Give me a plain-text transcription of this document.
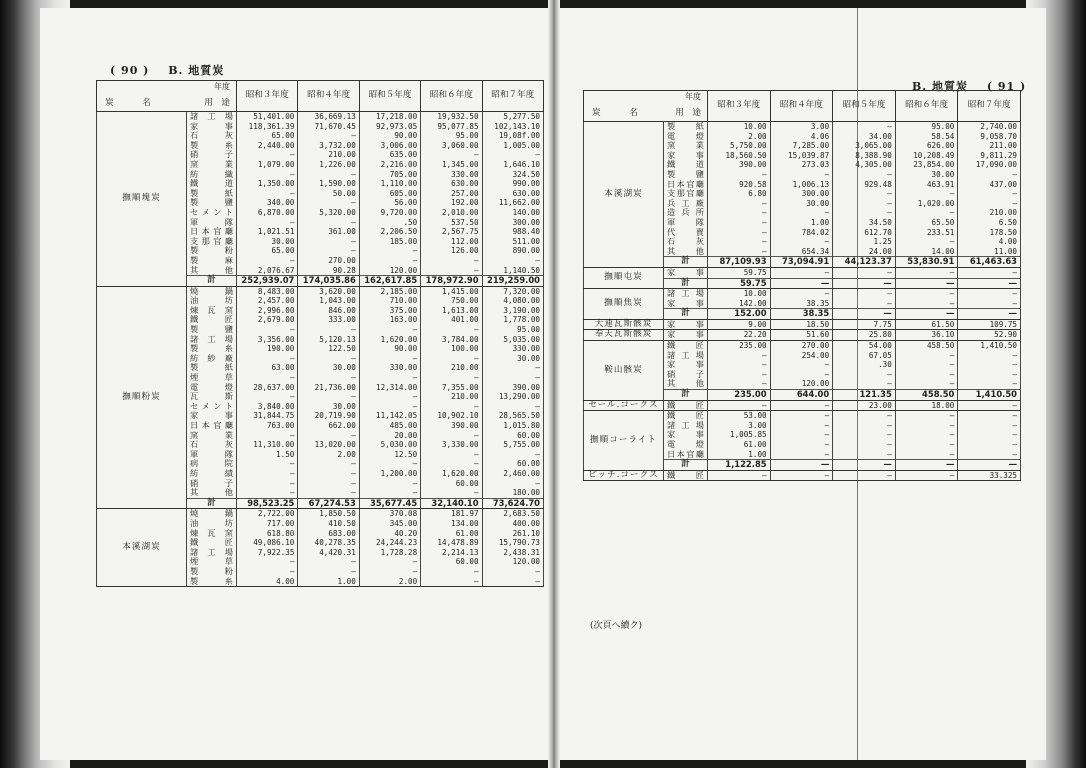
( 90 ) B. 地質炭
B. 地質炭 ( 91 )
年度
炭　名 用　途		昭和３年度	昭和４年度	昭和５年度	昭和６年度	昭和７年度
撫順塊炭	諸工場	51,401.00	36,669.13	17,218.00	19,932.50	5,277.50
	家事	118,361.39	71,670.45	92,973.05	95,077.85	102,143.10
	石灰	65.00	—	90.00	95.00	19,08f.00
	製糸	2,440.00	3,732.00	3,006.00	3,060.00	1,005.00
	硝子	—	210.00	635.00	—	—
	窯業	1,079.00	1,226.00	2,216.00	1,345.00	1,646.10
	紡織	—	—	705.00	330.00	324.50
	鐵道	1,350.00	1,590.00	1,110.00	630.00	990.00
	製紙	—	50.00	605.00	257.00	630.00
	製鹽	340.00	—	56.00	192.00	11,662.00
	セメント	6,870.00	5,320.00	9,720.00	2,010.00	140.00
	軍隊	—	—	.50	537.50	300.00
	日本官廳	1,021.51	361.00	2,206.50	2,567.75	988.40
	支那官廳	30.00	—	185.00	112.00	511.00
	製粉	65.00	—	—	126.00	890.00
	製麻	—	270.00	—	—	—
	其他	2,076.67	90.28	120.00	—	1,140.50
	計	252,939.07	174,035.86	162,617.85	178,972.90	219,259.00
撫順粉炭	燒鍋	8,483.00	3,620.00	2,185.00	1,415.00	7,320.00
	油坊	2,457.00	1,043.00	710.00	750.00	4,080.00
	煉瓦窯	2,996.00	846.00	375.00	1,613.00	3,190.00
	鐵匠	2,679.00	333.00	163.00	401.00	1,778.00
	製鹽	—	—	—	—	95.00
	諸工場	3,356.00	5,120.13	1,620.00	3,784.00	5,035.00
	製糸	190.00	122.50	90.00	100.00	330.00
	紡紗廠	—	—	—	—	30.00
	製紙	63.00	30.00	330.00	210.00	—
	煙草	—	—	—	—	—
	電燈	28,637.00	21,736.00	12,314.00	7,355.00	390.00
	瓦斯	—	—	—	210.00	13,290.00
	セメント	3,840.00	30.00	—	—	—
	家事	31,844.75	20,719.90	11,142.05	10,902.10	28,565.50
	日本官廳	763.00	662.00	485.00	390.00	1,015.80
	窯業	—	—	20.00	—	60.00
	石灰	11,310.00	13,020.00	5,030.00	3,330.00	5,755.00
	軍隊	1.50	2.00	12.50	—	—
	病院	—	—	—	—	60.00
	紡績	—	—	1,200.00	1,620.00	2,460.00
	硝子	—	—	—	60.00	—
	其他	—	—	—	—	180.00
	計	98,523.25	67,274.53	35,677.45	32,140.10	73,624.70
本溪湖炭	燒鍋	2,722.00	1,850.50	370.08	181.97	2,683.50
	油坊	717.00	410.50	345.00	134.00	400.00
	煉瓦窯	618.80	683.00	40.20	61.00	261.10
	鐵匠	49,086.10	40,278.35	24,244.23	14,478.89	15,790.73
	諸工場	7,922.35	4,420.31	1,728.28	2,214.13	2,438.31
	煙草	—	—	—	60.00	120.00
	製粉	—	—	—	—	—
	製糸	4.00	1.00	2.00	—	—
年度
炭　名 用　途		昭和３年度	昭和４年度	昭和５年度	昭和６年度	昭和７年度
本溪湖炭	製紙	10.00	3.00	—	95.00	2,740.00
	電燈	2.00	4.06	34.00	58.54	9,058.70
	窯業	5,750.00	7,285.00	3,065.00	626.00	211.00
	家事	18,560.50	15,039.87	8,388.90	10,208.49	9,811.29
	鐵道	390.00	273.03	4,305.00	23,854.00	17,090.00
	製鹽	—	—	—	30.00	—
	日本官廳	920.58	1,006.13	929.48	463.91	437.00
	支那官廳	6.80	300.00	—	—	—
	兵工廠	—	30.00	—	1,020.00	—
	造兵所	—	—	—	—	210.00
	軍隊	—	1.00	34.50	65.50	6.50
	代賣	—	784.02	612.70	233.51	178.50
	石灰	—	—	1.25	—	4.00
	其他	—	654.34	24.00	14.00	11.00
	計	87,109.93	73,094.91	44,123.37	53,830.91	61,463.63
撫順屯炭	家事	59.75	—	—	—	—
	計	59.75	—	—	—	—
撫順焦炭	諸工場	10.00	—	—	—	—
	家事	142.00	38.35	—	—	—
	計	152.00	38.35	—	—	—
大連瓦斯骸炭	家事	9.00	18.50	7.75	61.50	109.75
奉天瓦斯骸炭	家事	22.20	51.60	25.80	36.10	52.90
鞍山骸炭	鐵匠	235.00	270.00	54.00	458.50	1,410.50
	諸工場	—	254.00	67.05	—	—
	家事	—	—	.30	—	—
	硝子	—	—	—	—	—
	其他	—	120.00	—	—	—
	計	235.00	644.00	121.35	458.50	1,410.50
セール.コークス	鐵匠	—	—	23.00	18.00	—
撫順コーライト	鐵匠	53.00	—	—	—	—
	諸工場	3.00	—	—	—	—
	家事	1,005.85	—	—	—	—
	電燈	61.00	—	—	—	—
	日本官廳	1.00	—	—	—	—
	計	1,122.85	—	—	—	—
ピッチ.コークス	鐵匠	—	—	—	—	33.325
(次頁へ續ク)
